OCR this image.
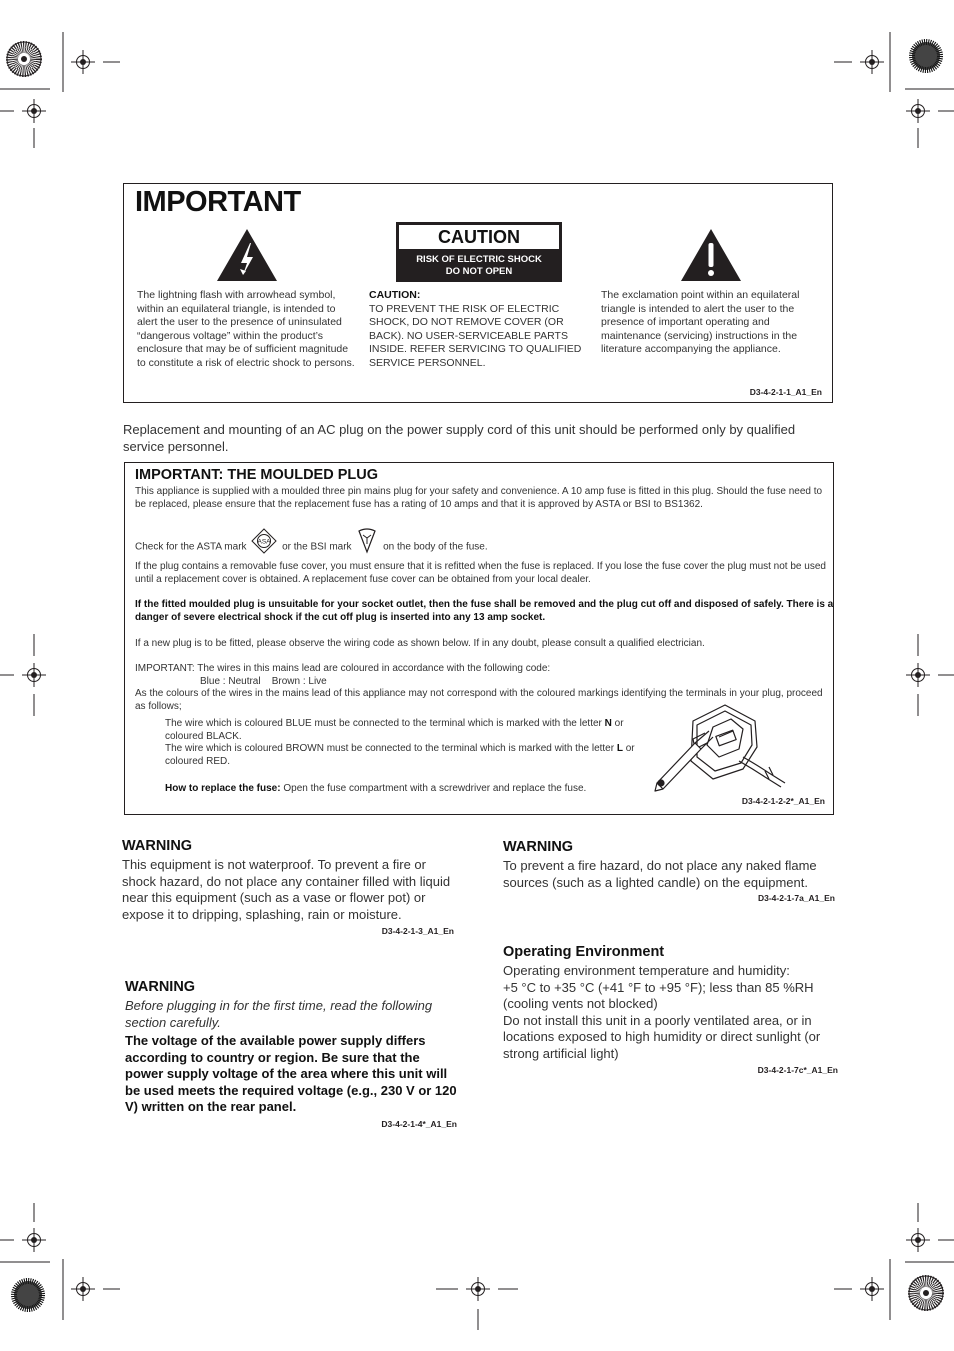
IMPORTANT
CAUTION
RISK OF ELECTRIC SHOCK
DO NOT OPEN
The lightning flash with arrowhead symbol, within an equilateral triangle, is intended to alert the user to the presence of uninsulated “dangerous voltage” within the product’s enclosure that may be of sufficient magnitude to constitute a risk of electric shock to persons.
CAUTION:
TO PREVENT THE RISK OF ELECTRIC SHOCK, DO NOT REMOVE COVER (OR BACK). NO USER-SERVICEABLE PARTS INSIDE. REFER SERVICING TO QUALIFIED SERVICE PERSONNEL.
The exclamation point within an equilateral triangle is intended to alert the user to the presence of important operating and maintenance (servicing) instructions in the literature accompanying the appliance.
D3-4-2-1-1_A1_En
Replacement and mounting of an AC plug on the power supply cord of this unit should be performed only by qualified service personnel.
IMPORTANT: THE MOULDED PLUG
This appliance is supplied with a moulded three pin mains plug for your safety and convenience. A 10 amp fuse is fitted in this plug. Should the fuse need to be replaced, please ensure that the replacement fuse has a rating of 10 amps and that it is approved by ASTA or BSI to BS1362.
Check for the ASTA mark ASA or the BSI mark	on the body of the fuse.
If the plug contains a removable fuse cover, you must ensure that it is refitted when the fuse is replaced. If you lose the fuse cover the plug must not be used until a replacement cover is obtained. A replacement fuse cover can be obtained from your local dealer.
If the fitted moulded plug is unsuitable for your socket outlet, then the fuse shall be removed and the plug cut off and disposed of safely. There is a danger of severe electrical shock if the cut off plug is inserted into any 13 amp socket.
If a new plug is to be fitted, please observe the wiring code as shown below. If in any doubt, please consult a qualified electrician.
IMPORTANT: The wires in this mains lead are coloured in accordance with the following code:
Blue : Neutral    Brown : Live
As the colours of the wires in the mains lead of this appliance may not correspond with the coloured markings identifying the terminals in your plug, proceed as follows;
The wire which is coloured BLUE must be connected to the terminal which is marked with the letter N or coloured BLACK.
The wire which is coloured BROWN must be connected to the terminal which is marked with the letter L or coloured RED.
How to replace the fuse: Open the fuse compartment with a screwdriver and replace the fuse.
D3-4-2-1-2-2*_A1_En
WARNING
This equipment is not waterproof. To prevent a fire or shock hazard, do not place any container filled with liquid near this equipment (such as a vase or flower pot) or expose it to dripping, splashing, rain or moisture.
D3-4-2-1-3_A1_En
WARNING
Before plugging in for the first time, read the following section carefully.
The voltage of the available power supply differs according to country or region. Be sure that the power supply voltage of the area where this unit will be used meets the required voltage (e.g., 230 V or 120 V) written on the rear panel.
D3-4-2-1-4*_A1_En
WARNING
To prevent a fire hazard, do not place any naked flame sources (such as a lighted candle) on the equipment.
D3-4-2-1-7a_A1_En
Operating Environment
Operating environment temperature and humidity:
+5 °C to +35 °C (+41 °F to +95 °F); less than 85 %RH (cooling vents not blocked)
Do not install this unit in a poorly ventilated area, or in locations exposed to high humidity or direct sunlight (or strong artificial light)
D3-4-2-1-7c*_A1_En
